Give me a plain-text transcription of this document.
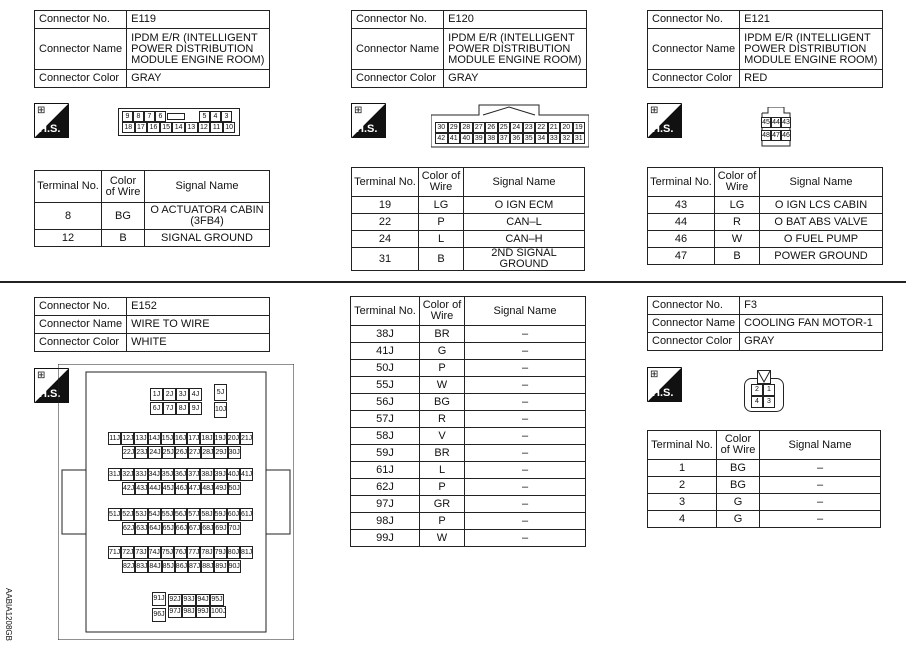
Connector No.	E119
Connector Name	IPDM E/R (INTELLIGENT POWER DISTRIBUTION MODULE ENGINE ROOM)
Connector Color	GRAY
Connector No.	E120
Connector Name	IPDM E/R (INTELLIGENT POWER DISTRIBUTION MODULE ENGINE ROOM)
Connector Color	GRAY
Connector No.	E121
Connector Name	IPDM E/R (INTELLIGENT POWER DISTRIBUTION MODULE ENGINE ROOM)
Connector Color	RED
Connector No.	E152
Connector Name	WIRE TO WIRE
Connector Color	WHITE
Connector No.	F3
Connector Name	COOLING FAN MOTOR-1
Connector Color	GRAY
⊞
H.S.
⊞
H.S.
⊞
H.S.
⊞
H.S.
⊞
H.S.
9	8	7	6	5	4	3
18 17 16 15 14 13 12 11 10	30 29 28 27 26 25 24 23 22 21 20 19
42 41 40 39 38 37 36 35 34 33 32 31
45 44 43
48 47 46
2	1
4	3
1J 2J 3J 4J	5J
6J 7J 8J 9J	10J
11J 12J 13J 14J 15J 16J 17J 18J 19J 20J 21J
22J 23J 24J 25J 26J 27J 28J 29J 30J
31J 32J 33J 34J 35J 36J 37J 38J 39J 40J 41J
42J 43J 44J 45J 46J 47J 48J 49J 50J
51J 52J 53J 54J 55J 56J 57J 58J 59J 60J 61J
62J 63J 64J 65J 66J 67J 68J 69J 70J
71J 72J 73J 74J 75J 76J 77J 78J 79J 80J 81J
82J 83J 84J 85J 86J 87J 88J 89J 90J
91J 92J 93J 94J 95J
96J 97J 98J 99J 100J
Terminal No.	Color of Wire	Signal Name
8	BG	O ACTUATOR4 CABIN (3FB4)
12	B	SIGNAL GROUND
Terminal No.	Color of Wire	Signal Name
19	LG	O IGN ECM
22	P	CAN–L
24	L	CAN–H
31	B	2ND SIGNAL GROUND
Terminal No.	Color of Wire	Signal Name
43	LG	O IGN LCS CABIN
44	R	O BAT ABS VALVE
46	W	O FUEL PUMP
47	B	POWER GROUND
Terminal No.	Color of Wire	Signal Name
38J	BR	–
41J	G	–
50J	P	–
55J	W	–
56J	BG	–
57J	R	–
58J	V	–
59J	BR	–
61J	L	–
62J	P	–
97J	GR	–
98J	P	–
99J	W	–
Terminal No.	Color of Wire	Signal Name
1	BG	–
2	BG	–
3	G	–
4	G	–
AABIA1208GB
